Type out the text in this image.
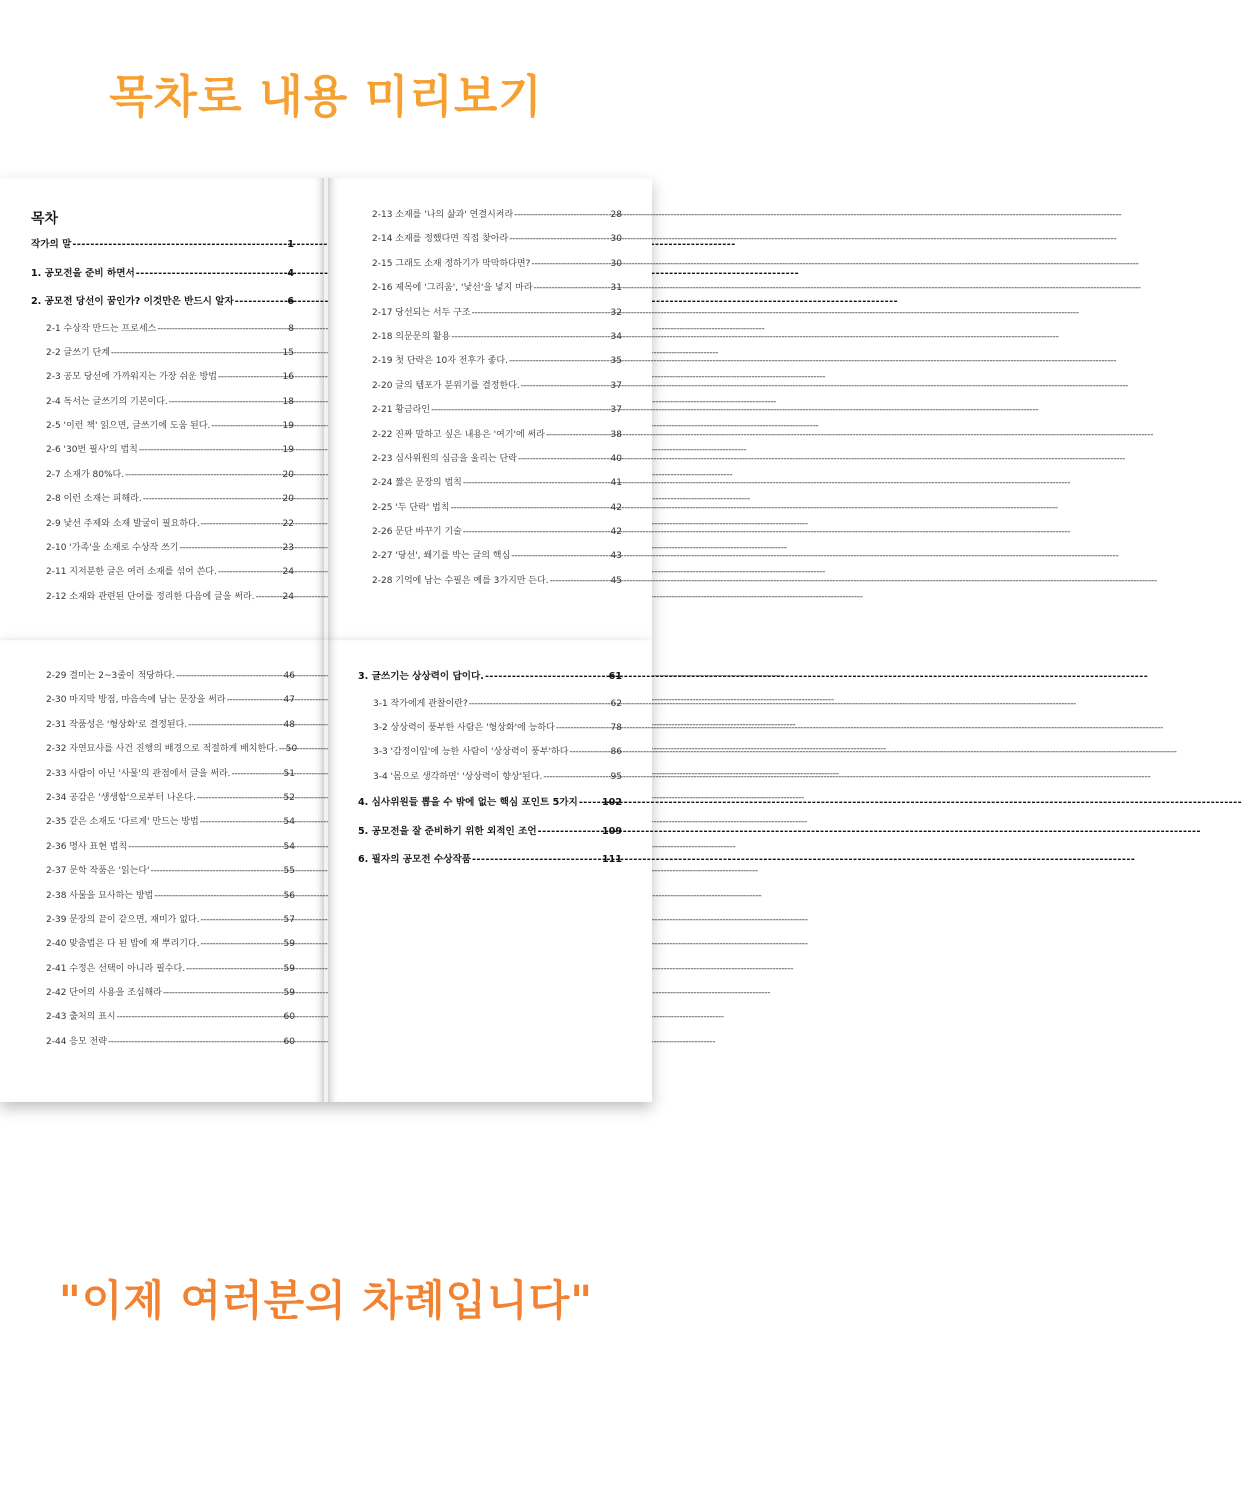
목차로 내용 미리보기
목차
작가의 말 -----	1
1. 공모전을 준비 하면서 -----	4
2. 공모전 당선이 꿈인가? 이것만은 반드시 알자 -----	6
2-1 수상작 만드는 프로세스 -----	8
2-2 글쓰기 단계 -----	15
2-3 공모 당선에 가까워지는 가장 쉬운 방법 -----	16
2-4 독서는 글쓰기의 기본이다. -----	18
2-5 '이런 책' 읽으면, 글쓰기에 도움 된다. -----	19
2-6 '30번 필사'의 법칙 -----	19
2-7 소재가 80%다. -----	20
2-8 이런 소재는 피해라. -----	20
2-9 낯선 주제와 소재 발굴이 필요하다. -----	22
2-10 '가족'을 소재로 수상작 쓰기 -----	23
2-11 지저분한 글은 여러 소재를 섞어 쓴다. -----	24
2-12 소재와 관련된 단어를 정리한 다음에 글을 써라. -----	24
2-13 소재를 '나의 삶과' 연결시켜라 -----	28
2-14 소재를 정했다면 직접 찾아라 -----	30
2-15 그래도 소재 정하기가 막막하다면? -----	30
2-16 제목에 '그리움', '낯선'을 넣지 마라 -----	31
2-17 당선되는 서두 구조 -----	32
2-18 의문문의 활용 -----	34
2-19 첫 단락은 10자 전후가 좋다. -----	35
2-20 글의 템포가 분위기를 결정한다. -----	37
2-21 황금라인 -----	37
2-22 진짜 말하고 싶은 내용은 '여기'에 써라 -----	38
2-23 심사위원의 심금을 울리는 단락 -----	40
2-24 짧은 문장의 법칙 -----	41
2-25 '두 단락' 법칙 -----	42
2-26 문단 바꾸기 기술 -----	42
2-27 '당선', 쐐기를 박는 글의 핵심 -----	43
2-28 기억에 남는 수필은 예를 3가지만 든다. -----	45
2-29 결미는 2~3줄이 적당하다. -----	46
2-30 마지막 방점, 마음속에 남는 문장을 써라 -----	47
2-31 작품성은 '형상화'로 결정된다. -----	48
2-32 자연묘사를 사건 진행의 배경으로 적절하게 배치한다. ----- 50
2-33 사람이 아닌 '사물'의 관점에서 글을 써라. -----	51
2-34 공감은 '생생함'으로부터 나온다. -----	52
2-35 같은 소재도 '다르게' 만드는 방법 -----	54
2-36 명사 표현 법칙 -----	54
2-37 문학 작품은 '읽는다' -----	55
2-38 사물을 묘사하는 방법 -----	56
2-39 문장의 끝이 같으면, 재미가 없다. -----	57
2-40 맞춤법은 다 된 밥에 재 뿌리기다. -----	59
2-41 수정은 선택이 아니라 필수다. -----	59
2-42 단어의 사용을 조심해라 -----	59
2-43 출처의 표시 -----	60
2-44 응모 전략 -----	60
3. 글쓰기는 상상력이 답이다. -----	61
3-1 작가에게 관찰이란? -----	62
3-2 상상력이 풍부한 사람은 '형상화'에 능하다 -----	78
3-3 '감정이입'에 능한 사람이 '상상력이 풍부'하다 -----	86
3-4 '몸으로 생각하면' '상상력이 향상'된다. -----	95
4. 심사위원들 뽑을 수 밖에 없는 핵심 포인트 5가지 -----	102
5. 공모전을 잘 준비하기 위한 외적인 조언 -----	109
6. 필자의 공모전 수상작품 -----	111
"이제 여러분의 차례입니다"
